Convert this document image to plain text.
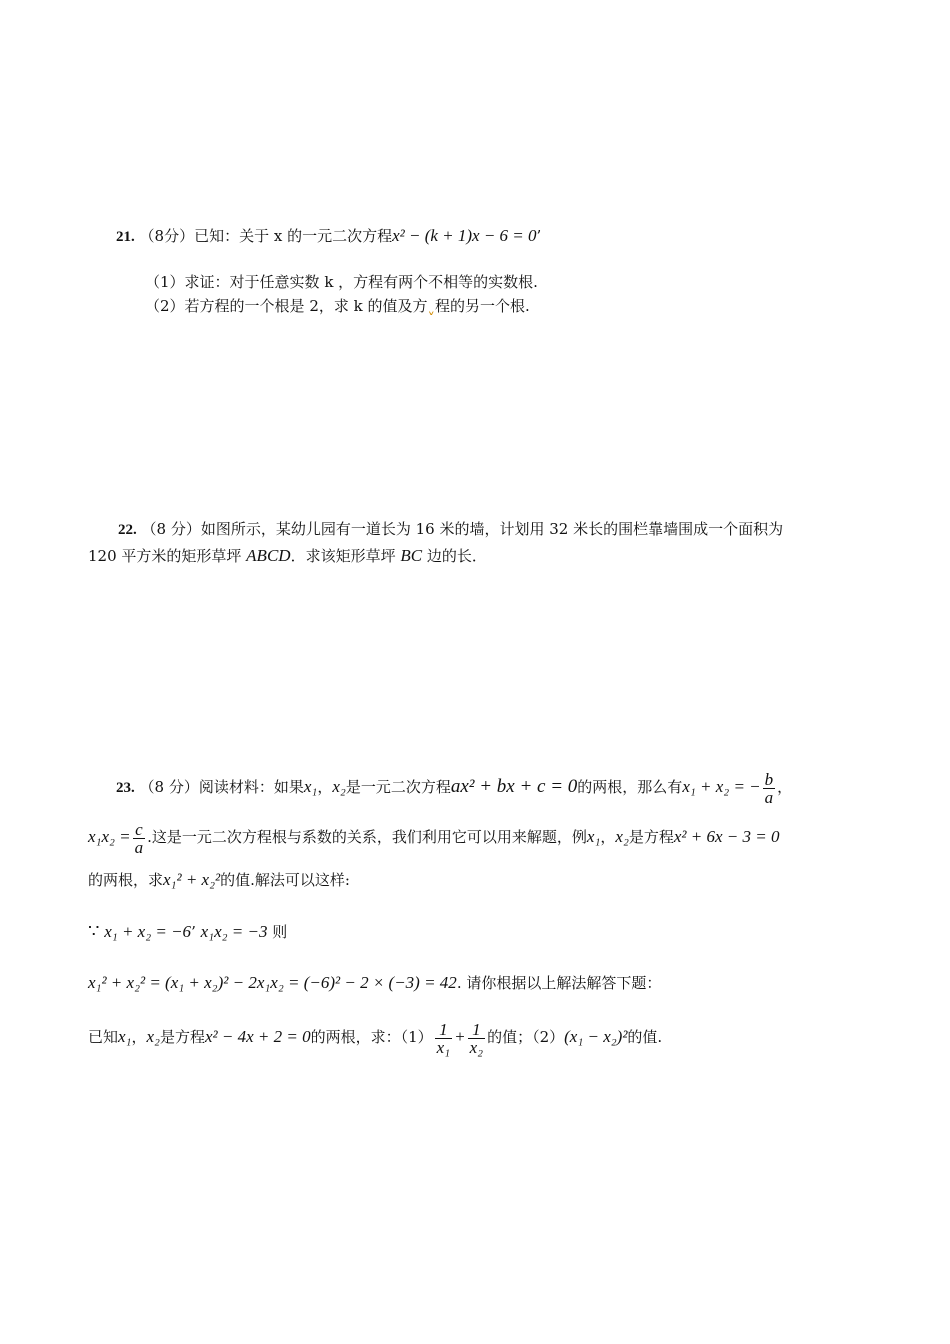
21. （8分）已知：关于 x 的一元二次方程x² − (k + 1)x − 6 = 0’
（1）求证：对于任意实数 k ，方程有两个不相等的实数根.
（2）若方程的一个根是 2，求 k 的值及方ˬ程的另一个根.
22. （8 分）如图所示，某幼儿园有一道长为 16 米的墙，计划用 32 米长的围栏靠墙围成一个面积为
120 平方米的矩形草坪 ABCD．求该矩形草坪 BC 边的长．
23. （8 分）阅读材料：如果x₁，x₂是一元二次方程ax² + bx + c = 0的两根，那么有x₁ + x₂ = − $\frac{b}{a}$ ，
$x_1x_2 = \frac{c}{a}$ .这是一元二次方程根与系数的关系，我们利用它可以用来解题，例x₁，x₂是方程x² + 6x − 3 = 0
的两根，求x₁² + x₂²的值.解法可以这样:
∵ x₁ + x₂ = −6’ x₁x₂ = −3 则
x₁² + x₂² = (x₁ + x₂)² − 2x₁x₂ = (−6)² − 2 × (−3) = 42. 请你根据以上解法解答下题：
已知x₁，x₂是方程x² − 4x + 2 = 0的两根，求：$(1) \frac{1}{\text{x₁}} + \frac{1}{\text{x₂}}$ 的值；（2）(x₁ − x₂)²的值.
